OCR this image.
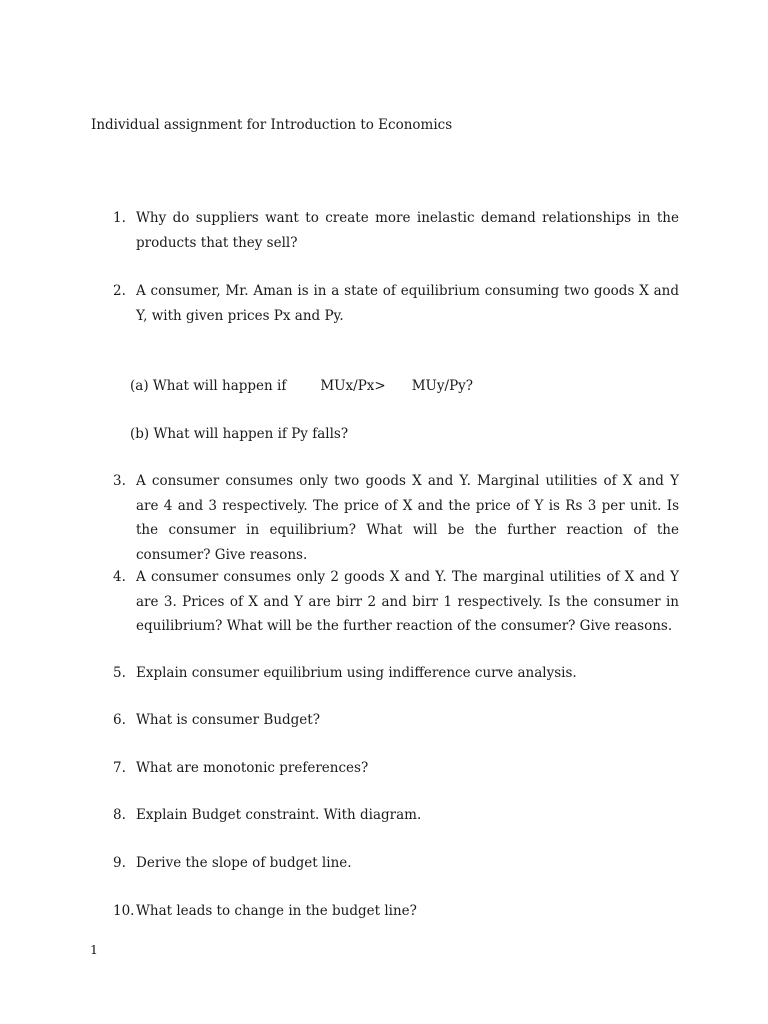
Individual assignment for Introduction to Economics
1. Why do suppliers want to create more inelastic demand relationships in the products that they sell?
2. A consumer, Mr. Aman is in a state of equilibrium consuming two goods X and Y, with given prices Px and Py.
(a) What will happen if	MUx/Px> MUy/Py?
(b) What will happen if Py falls?
3. A consumer consumes only two goods X and Y. Marginal utilities of X and Y are 4 and 3 respectively. The price of X and the price of Y is Rs 3 per unit. Is the consumer in equilibrium? What will be the further reaction of the consumer? Give reasons.
4. A consumer consumes only 2 goods X and Y. The marginal utilities of X and Y are 3. Prices of X and Y are birr 2 and birr 1 respectively. Is the consumer in equilibrium? What will be the further reaction of the consumer? Give reasons.
5. Explain consumer equilibrium using indifference curve analysis.
6. What is consumer Budget?
7. What are monotonic preferences?
8. Explain Budget constraint. With diagram.
9. Derive the slope of budget line.
10. What leads to change in the budget line?
1
